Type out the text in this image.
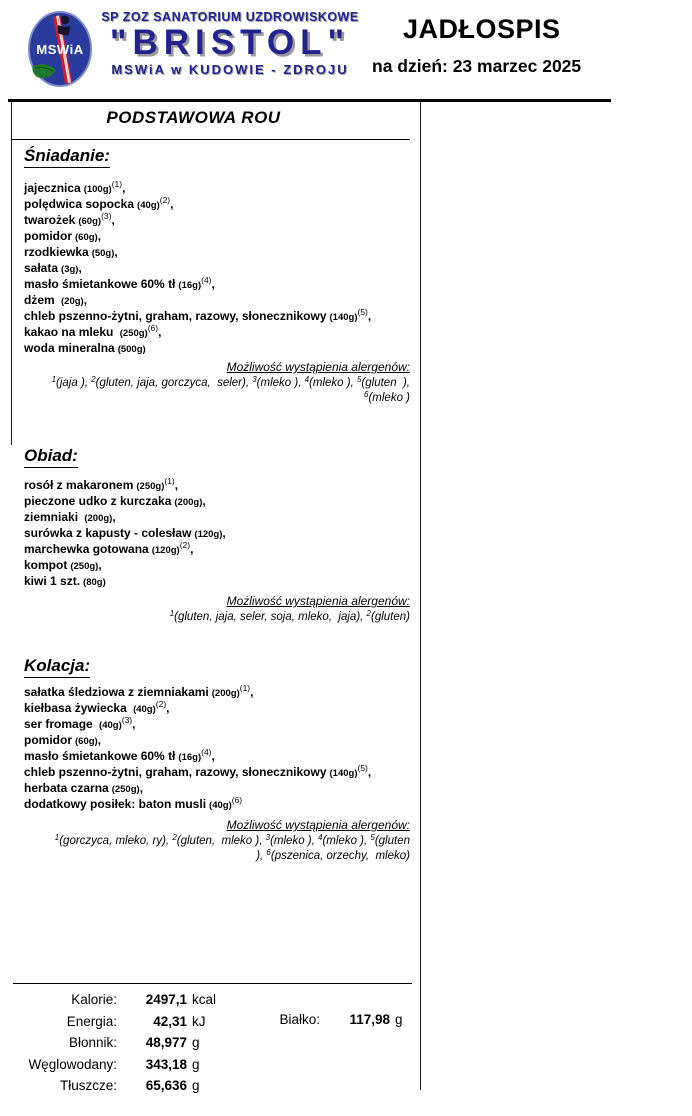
MSWiA
SP ZOZ SANATORIUM UZDROWISKOWE
"BRISTOL"
MSWiA w KUDOWIE - ZDROJU
JADŁOSPIS
na dzień: 23 marzec 2025
PODSTAWOWA ROU
Śniadanie:
jajecznica $(100g)^{(1)}$,
polędwica sopocka $(40g)^{(2)}$,
twarożek $(60g)^{(3)}$,
pomidor (60g),
rzodkiewka (50g),
sałata (3g),
masło śmietankowe 60% tł $(16g)^{(4)}$,
dżem (20g),
chleb pszenno-żytni, graham, razowy, słonecznikowy $(140g)^{(5)}$,
kakao na mleku $(250g)^{(6)}$,
woda mineralna (500g)
Możliwość wystąpienia alergenów:
$^1$(jaja ), $^2$(gluten, jaja, gorczyca,  seler), $^3$(mleko ), $^4$(mleko ), $^5$(gluten  ),
$^6$(mleko )
Obiad:
rosół z makaronem $(250g)^{(1)}$,
pieczone udko z kurczaka (200g),
ziemniaki (200g),
surówka z kapusty - colesław (120g),
marchewka gotowana $(120g)^{(2)}$,
kompot (250g),
kiwi 1 szt. (80g)
Możliwość wystąpienia alergenów:
$^1$(gluten, jaja, seler, soja, mleko,  jaja), $^2$(gluten)
Kolacja:
sałatka śledziowa z ziemniakami $(200g)^{(1)}$,
kiełbasa żywiecka $(40g)^{(2)}$,
ser fromage $(40g)^{(3)}$,
pomidor (60g),
masło śmietankowe 60% tł $(16g)^{(4)}$,
chleb pszenno-żytni, graham, razowy, słonecznikowy $(140g)^{(5)}$,
herbata czarna (250g),
dodatkowy posiłek: baton musli $(40g)^{(6)}$
Możliwość wystąpienia alergenów:
$^1$(gorczyca, mleko, ry), $^2$(gluten,  mleko ), $^3$(mleko ), $^4$(mleko ), $^5$(gluten
), $^6$(pszenica, orzechy,  mleko)
Kalorie:	2497,1 kcal
Energia:	42,31 kJ
Błonnik:	48,977 g
Węglowodany:	343,18 g
Tłuszcze:	65,636 g
Białko:	117,98 g
